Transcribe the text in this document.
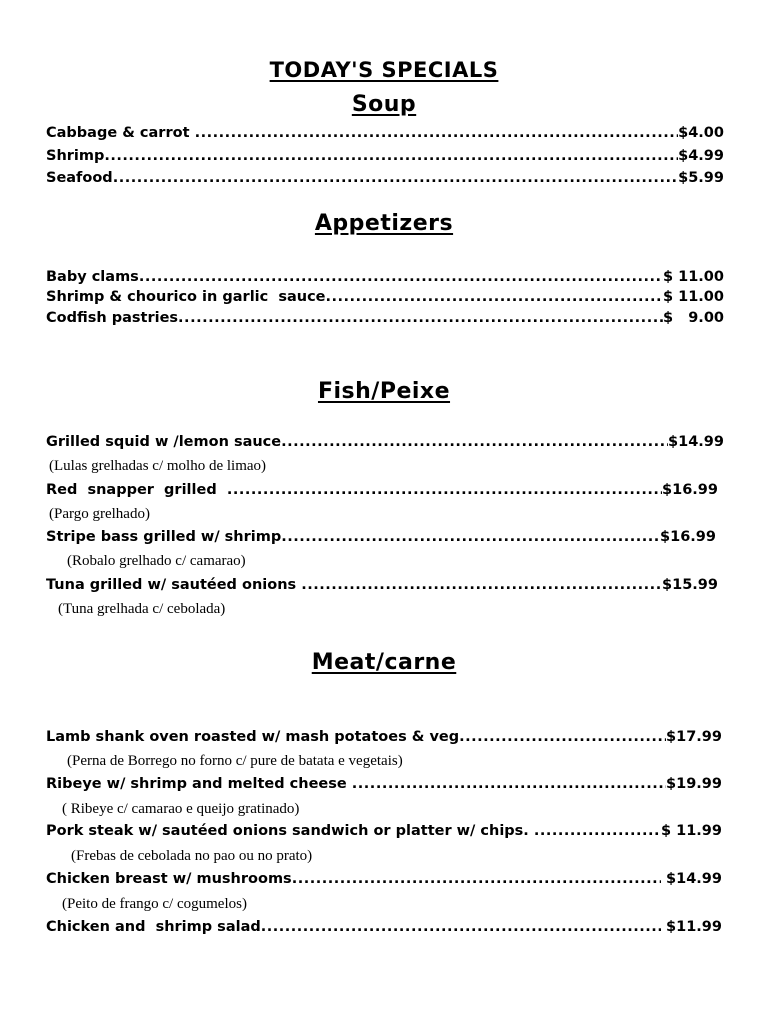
TODAY'S SPECIALS
Soup
Cabbage & carrot .....	$4.00
Shrimp .....	$4.99
Seafood .....	$5.99
Appetizers
Baby clams .....	$ 11.00
Shrimp & chourico in garlic  sauce .....	$ 11.00
Codfish pastries .....	$   9.00
Fish/Peixe
Grilled squid w /lemon sauce .....	$14.99
(Lulas grelhadas c/ molho de limao)
Red  snapper  grilled .....	$16.99
(Pargo grelhado)
Stripe bass grilled w/ shrimp .....	$16.99
(Robalo grelhado c/ camarao)
Tuna grilled w/ sautéed onions .....	$15.99
(Tuna grelhada c/ cebolada)
Meat/carne
Lamb shank oven roasted w/ mash potatoes & veg .....	$17.99
(Perna de Borrego no forno c/ pure de batata e vegetais)
Ribeye w/ shrimp and melted cheese .....	$19.99
( Ribeye c/ camarao e queijo gratinado)
Pork steak w/ sautéed onions sandwich or platter w/ chips. .....	$ 11.99
(Frebas de cebolada no pao ou no prato)
Chicken breast w/ mushrooms .....	$14.99
(Peito de frango c/ cogumelos)
Chicken and  shrimp salad .....	$11.99
